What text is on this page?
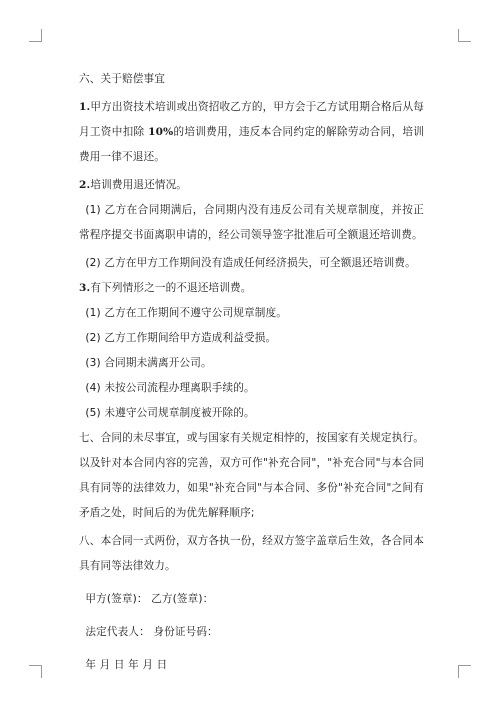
六、关于赔偿事宜

1.甲方出资技术培训或出资招收乙方的，甲方会于乙方试用期合格后从每月工资中扣除 10%的培训费用，违反本合同约定的解除劳动合同，培训费用一律不退还。

2.培训费用退还情况。

(1) 乙方在合同期满后，合同期内没有违反公司有关规章制度，并按正常程序提交书面离职申请的，经公司领导签字批准后可全额退还培训费。

(2) 乙方在甲方工作期间没有造成任何经济损失，可全额退还培训费。

3.有下列情形之一的不退还培训费。

(1) 乙方在工作期间不遵守公司规章制度。

(2) 乙方工作期间给甲方造成利益受损。

(3) 合同期未满离开公司。

(4) 未按公司流程办理离职手续的。

(5) 未遵守公司规章制度被开除的。

七、合同的未尽事宜，或与国家有关规定相悖的，按国家有关规定执行。 以及针对本合同内容的完善，双方可作"补充合同"，"补充合同"与本合同具有同等的法律效力，如果"补充合同"与本合同、多份"补充合同"之间有矛盾之处，时间后的为优先解释顺序;

八、本合同一式两份，双方各执一份，经双方签字盖章后生效，各合同本具有同等法律效力。

甲方(签章)： 乙方(签章)：

法定代表人： 身份证号码：

年 月 日 年 月 日
